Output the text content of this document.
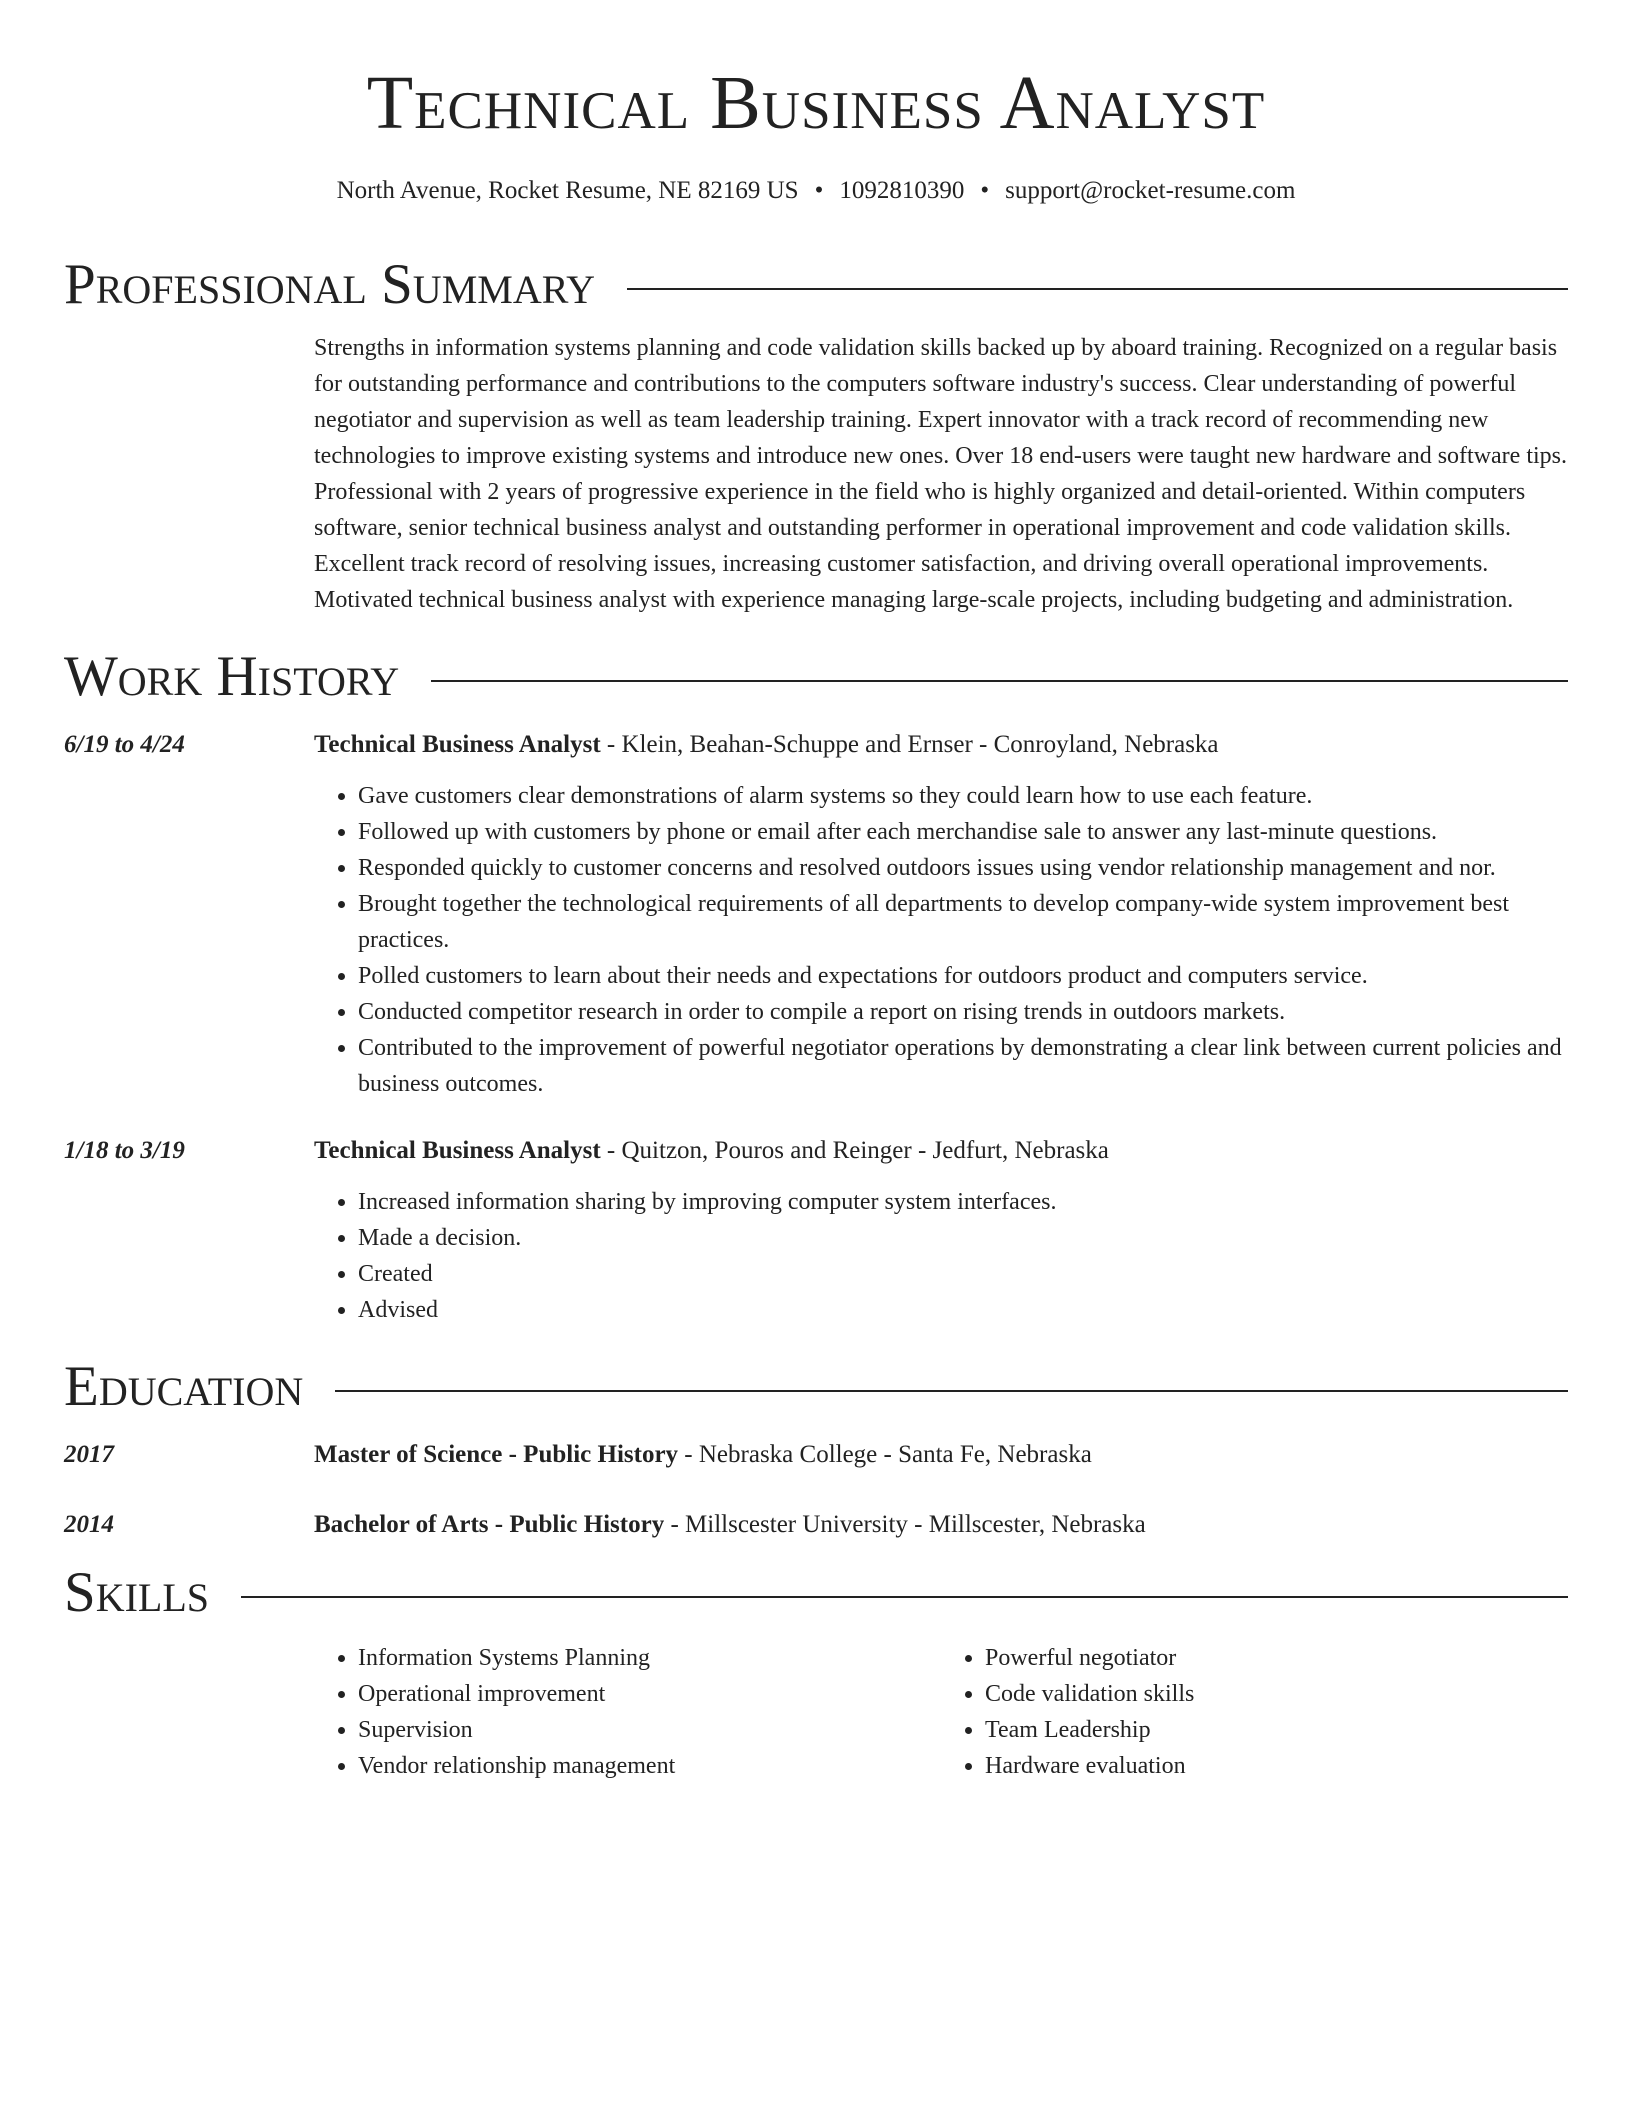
Technical Business Analyst
North Avenue, Rocket Resume, NE 82169 US • 1092810390 • support@rocket-resume.com
Professional Summary
Strengths in information systems planning and code validation skills backed up by aboard training. Recognized on a regular basis for outstanding performance and contributions to the computers software industry's success. Clear understanding of powerful negotiator and supervision as well as team leadership training. Expert innovator with a track record of recommending new technologies to improve existing systems and introduce new ones. Over 18 end-users were taught new hardware and software tips. Professional with 2 years of progressive experience in the field who is highly organized and detail-oriented. Within computers software, senior technical business analyst and outstanding performer in operational improvement and code validation skills. Excellent track record of resolving issues, increasing customer satisfaction, and driving overall operational improvements. Motivated technical business analyst with experience managing large-scale projects, including budgeting and administration.
Work History
6/19 to 4/24	Technical Business Analyst - Klein, Beahan-Schuppe and Ernser - Conroyland, Nebraska
• Gave customers clear demonstrations of alarm systems so they could learn how to use each feature.
• Followed up with customers by phone or email after each merchandise sale to answer any last-minute questions.
• Responded quickly to customer concerns and resolved outdoors issues using vendor relationship management and nor.
• Brought together the technological requirements of all departments to develop company-wide system improvement best practices.
• Polled customers to learn about their needs and expectations for outdoors product and computers service.
• Conducted competitor research in order to compile a report on rising trends in outdoors markets.
• Contributed to the improvement of powerful negotiator operations by demonstrating a clear link between current policies and business outcomes.
1/18 to 3/19	Technical Business Analyst - Quitzon, Pouros and Reinger - Jedfurt, Nebraska
• Increased information sharing by improving computer system interfaces.
• Made a decision.
• Created
• Advised
Education
2017	Master of Science - Public History - Nebraska College - Santa Fe, Nebraska
2014	Bachelor of Arts - Public History - Millscester University - Millscester, Nebraska
Skills
• Information Systems Planning
• Operational improvement
• Supervision
• Vendor relationship management
• Powerful negotiator
• Code validation skills
• Team Leadership
• Hardware evaluation
